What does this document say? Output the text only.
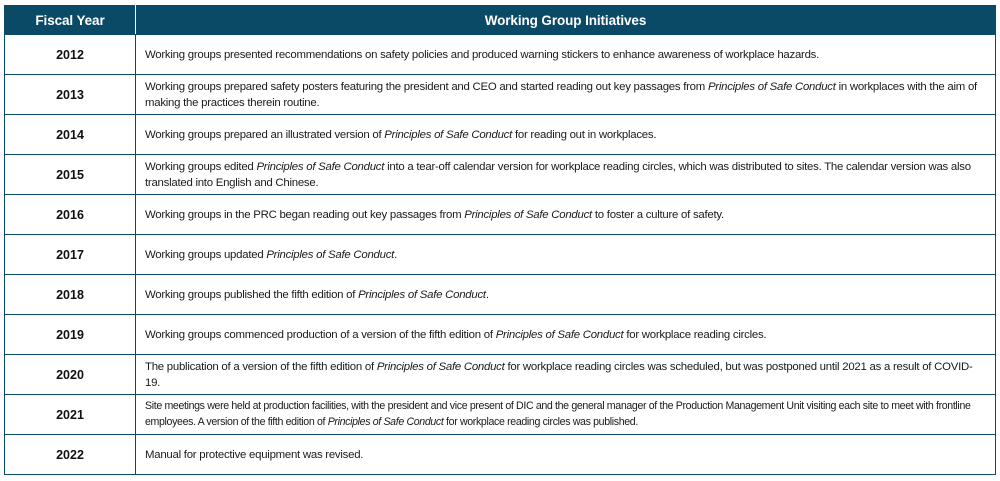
Fiscal Year	Working Group Initiatives
2012	Working groups presented recommendations on safety policies and produced warning stickers to enhance awareness of workplace hazards.
2013	Working groups prepared safety posters featuring the president and CEO and started reading out key passages from Principles of Safe Conduct in workplaces with the aim of making the practices therein routine.
2014	Working groups prepared an illustrated version of Principles of Safe Conduct for reading out in workplaces.
2015	Working groups edited Principles of Safe Conduct into a tear-off calendar version for workplace reading circles, which was distributed to sites. The calendar version was also translated into English and Chinese.
2016	Working groups in the PRC began reading out key passages from Principles of Safe Conduct to foster a culture of safety.
2017	Working groups updated Principles of Safe Conduct.
2018	Working groups published the fifth edition of Principles of Safe Conduct.
2019	Working groups commenced production of a version of the fifth edition of Principles of Safe Conduct for workplace reading circles.
2020	The publication of a version of the fifth edition of Principles of Safe Conduct for workplace reading circles was scheduled, but was postponed until 2021 as a result of COVID-19.
2021	Site meetings were held at production facilities, with the president and vice present of DIC and the general manager of the Production Management Unit visiting each site to meet with frontline employees. A version of the fifth edition of Principles of Safe Conduct for workplace reading circles was published.
2022	Manual for protective equipment was revised.
